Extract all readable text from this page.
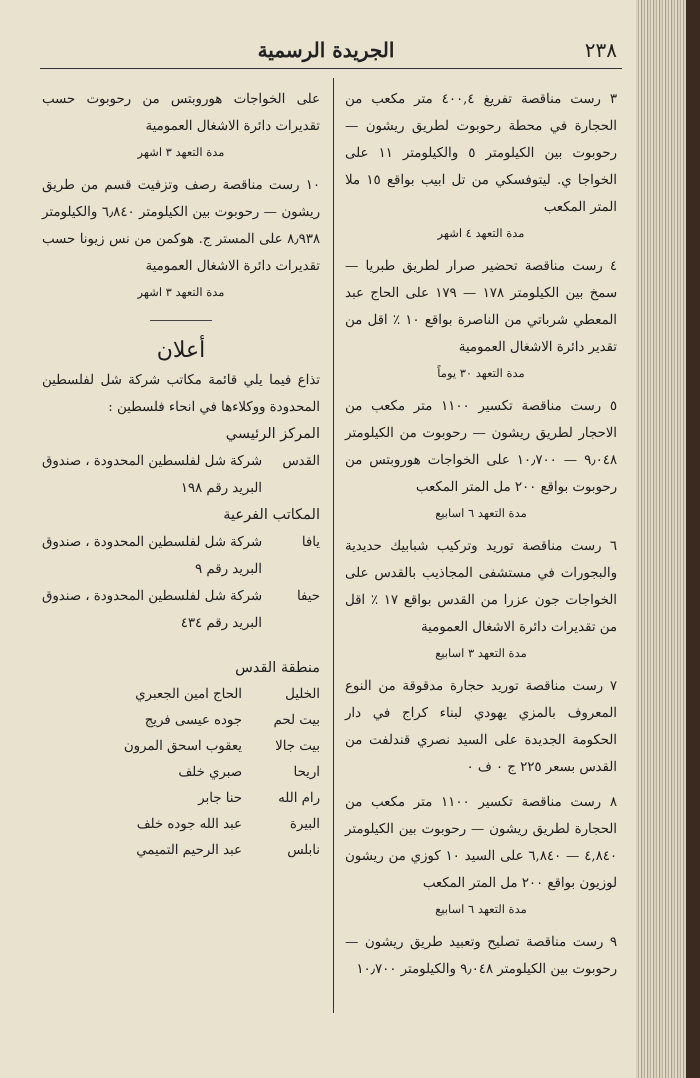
الجريدة الرسمية	٢٣٨

٣ رست مناقصة تفريغ ٤٠٠,٤ متر مكعب من الحجارة في محطة رحوبوت لطريق ريشون — رحوبوت بين الكيلومتر ٥ والكيلومتر ١١ على الخواجا ي. ليتوفسكي من تل ابيب بواقع ١٥ ملا المتر المكعب

مدة التعهد ٤ اشهر

٤ رست مناقصة تحضير صرار لطريق طبريا — سمخ بين الكيلومتر ١٧٨ — ١٧٩ على الحاج عبد المعطي شرباتي من الناصرة بواقع ١٠ ٪ اقل من تقدير دائرة الاشغال العمومية

مدة التعهد ٣٠ يوماً

٥ رست مناقصة تكسير ١١٠٠ متر مكعب من الاحجار لطريق ريشون — رحوبوت من الكيلومتر ٩٫٠٤٨ — ١٠٫٧٠٠ على الخواجات هوروبتس من رحوبوت بواقع ٢٠٠ مل المتر المكعب

مدة التعهد ٦ اسابيع

٦ رست مناقصة توريد وتركيب شبابيك حديدية والبجورات في مستشفى المجاذيب بالقدس على الخواجات جون عزرا من القدس بواقع ١٧ ٪ اقل من تقديرات دائرة الاشغال العمومية

مدة التعهد ٣ اسابيع

٧ رست مناقصة توريد حجارة مدقوقة من النوع المعروف بالمزي يهودي لبناء كراج في دار الحكومة الجديدة على السيد نصري قندلفت من القدس بسعر ٢٢٥ ج ٠ ف ٠

٨ رست مناقصة تكسير ١١٠٠ متر مكعب من الحجارة لطريق ريشون — رحوبوت بين الكيلومتر ٤,٨٤٠ — ٦,٨٤٠ على السيد ١٠ كوزي من ريشون لوزيون بواقع ٢٠٠ مل المتر المكعب

مدة التعهد ٦ اسابيع

٩ رست مناقصة تصليح وتعبيد طريق ريشون — رحوبوت بين الكيلومتر ٩٫٠٤٨ والكيلومتر ١٠٫٧٠٠

على الخواجات هوروبتس من رحوبوت حسب تقديرات دائرة الاشغال العمومية

مدة التعهد ٣ اشهر

١٠ رست مناقصة رصف وتزفيت قسم من طريق ريشون — رحوبوت بين الكيلومتر ٦٫٨٤٠ والكيلومتر ٨٫٩٣٨ على المستر ج. هوكمن من نس زيونا حسب تقديرات دائرة الاشغال العمومية

مدة التعهد ٣ اشهر

أعلان

تذاع فيما يلي قائمة مكاتب شركة شل لفلسطين المحدودة ووكلاءها في انحاء فلسطين :

المركز الرئيسي

القدس
شركة شل لفلسطين المحدودة ، صندوق البريد رقم ١٩٨

المكاتب الفرعية

يافا
شركة شل لفلسطين المحدودة ، صندوق البريد رقم ٩
حيفا
شركة شل لفلسطين المحدودة ، صندوق البريد رقم ٤٣٤

منطقة القدس

الخليل
الحاج امين الجعبري
بيت لحم
جوده عيسى فريج
بيت جالا
يعقوب اسحق المرون
اريحا
صبري خلف
رام الله
حنا جابر
البيرة
عبد الله جوده خلف
نابلس
عبد الرحيم التميمي
